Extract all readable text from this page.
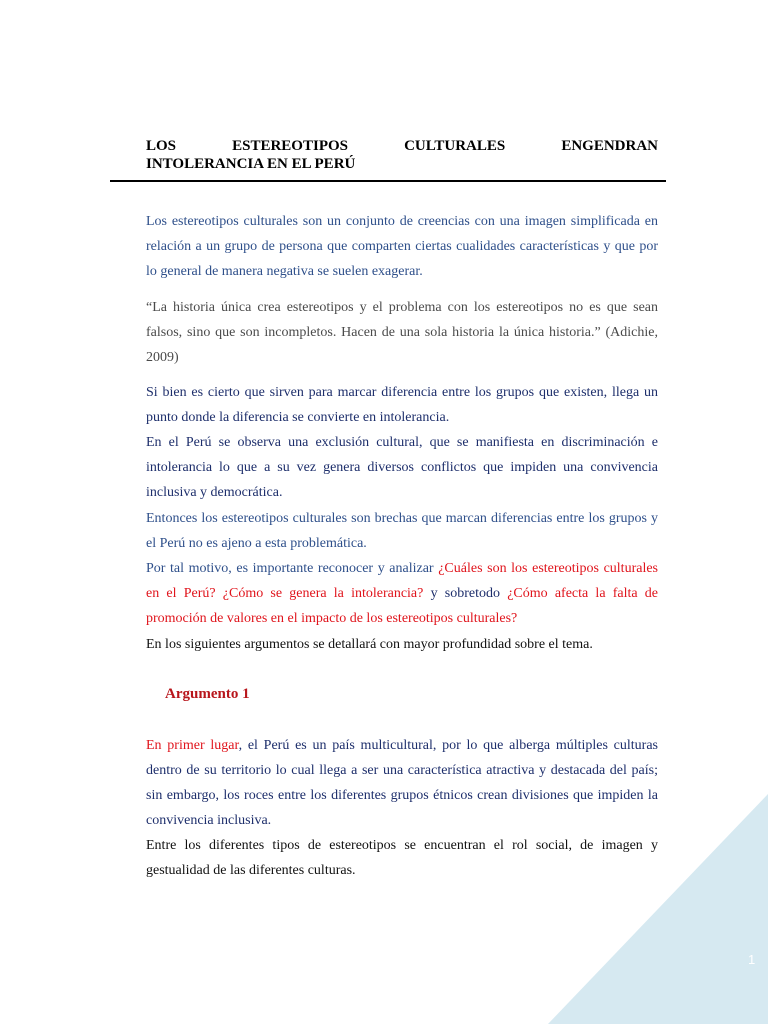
LOS ESTEREOTIPOS CULTURALES ENGENDRAN

INTOLERANCIA EN EL PERÚ

Los estereotipos culturales son un conjunto de creencias con una imagen simplificada en relación a un grupo de persona que comparten ciertas cualidades características y que por lo general de manera negativa se suelen exagerar.

“La historia única crea estereotipos y el problema con los estereotipos no es que sean falsos, sino que son incompletos. Hacen de una sola historia la única historia.” (Adichie, 2009)

Si bien es cierto que sirven para marcar diferencia entre los grupos que existen, llega un punto donde la diferencia se convierte en intolerancia.

En el Perú se observa una exclusión cultural, que se manifiesta en discriminación e intolerancia lo que a su vez genera diversos conflictos que impiden una convivencia inclusiva y democrática.

Entonces los estereotipos culturales son brechas que marcan diferencias entre los grupos y el Perú no es ajeno a esta problemática.

Por tal motivo, es importante reconocer y analizar ¿Cuáles son los estereotipos culturales en el Perú? ¿Cómo se genera la intolerancia? y sobretodo ¿Cómo afecta la falta de promoción de valores en el impacto de los estereotipos culturales?

En los siguientes argumentos se detallará con mayor profundidad sobre el tema.

Argumento 1

En primer lugar, el Perú es un país multicultural, por lo que alberga múltiples culturas dentro de su territorio lo cual llega a ser una característica atractiva y destacada del país; sin embargo, los roces entre los diferentes grupos étnicos crean divisiones que impiden la convivencia inclusiva.

Entre los diferentes tipos de estereotipos se encuentran el rol social, de imagen y gestualidad de las diferentes culturas.

1
